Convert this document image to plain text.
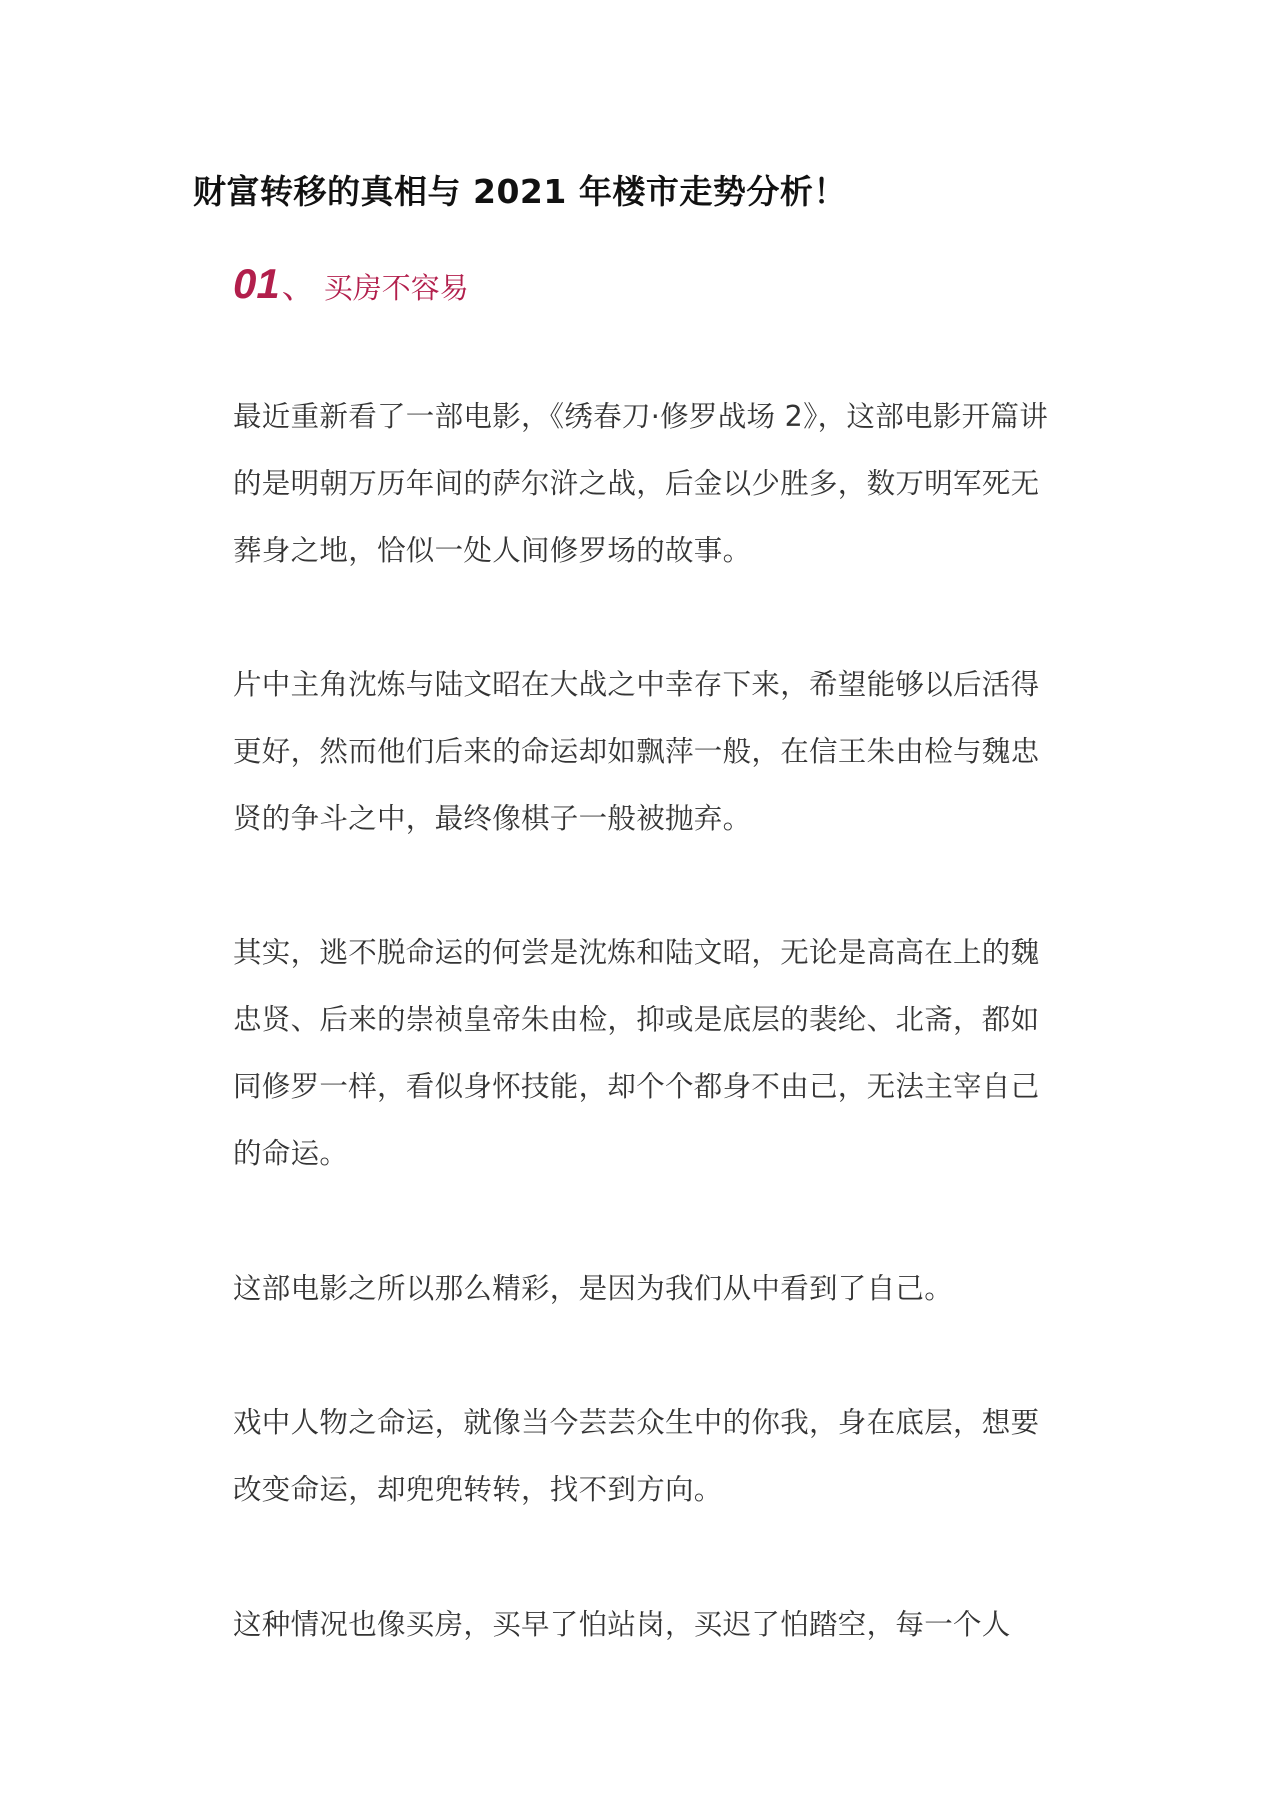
财富转移的真相与 2021 年楼市走势分析！
01 、 买房不容易

最近重新看了一部电影，《绣春刀·修罗战场 2》，这部电影开篇讲的是明朝万历年间的萨尔浒之战，后金以少胜多，数万明军死无葬身之地，恰似一处人间修罗场的故事。

片中主角沈炼与陆文昭在大战之中幸存下来，希望能够以后活得更好，然而他们后来的命运却如飘萍一般，在信王朱由检与魏忠贤的争斗之中，最终像棋子一般被抛弃。

其实，逃不脱命运的何尝是沈炼和陆文昭，无论是高高在上的魏忠贤、后来的崇祯皇帝朱由检，抑或是底层的裴纶、北斋，都如同修罗一样，看似身怀技能，却个个都身不由己，无法主宰自己的命运。

这部电影之所以那么精彩，是因为我们从中看到了自己。

戏中人物之命运，就像当今芸芸众生中的你我，身在底层，想要改变命运，却兜兜转转，找不到方向。

这种情况也像买房，买早了怕站岗，买迟了怕踏空，每一个人
